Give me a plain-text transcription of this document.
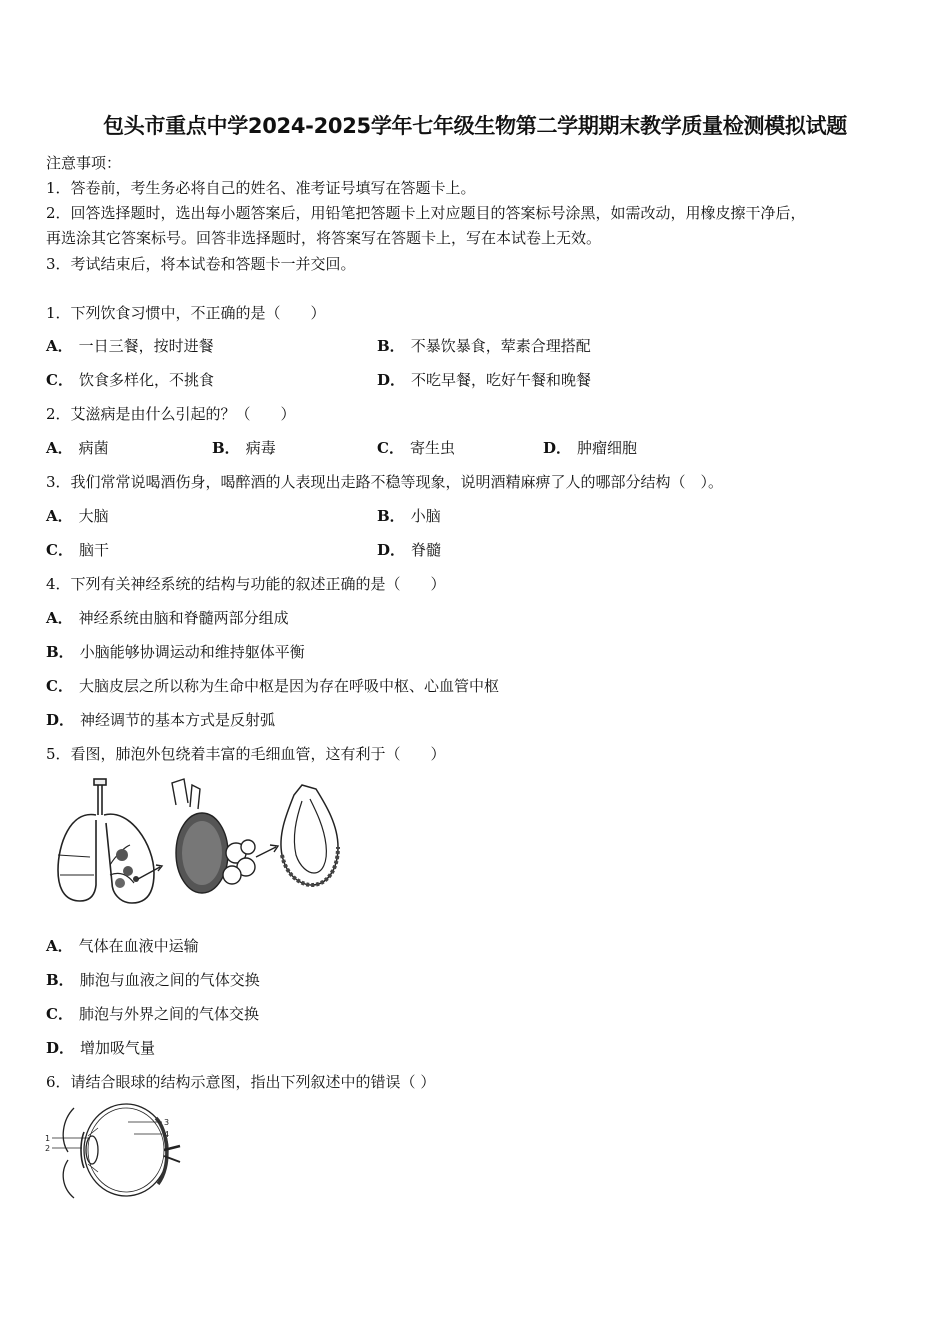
包头市重点中学2024-2025学年七年级生物第二学期期末教学质量检测模拟试题
注意事项：
1．答卷前，考生务必将自己的姓名、准考证号填写在答题卡上。
2．回答选择题时，选出每小题答案后，用铅笔把答题卡上对应题目的答案标号涂黑，如需改动，用橡皮擦干净后，
再选涂其它答案标号。回答非选择题时，将答案写在答题卡上，写在本试卷上无效。
3．考试结束后，将本试卷和答题卡一并交回。
1．下列饮食习惯中，不正确的是（　　）
A． 一日三餐，按时进餐	B． 不暴饮暴食，荤素合理搭配
C． 饮食多样化，不挑食	D． 不吃早餐，吃好午餐和晚餐
2．艾滋病是由什么引起的？（　　）
A． 病菌	B． 病毒	C． 寄生虫	D． 肿瘤细胞
3．我们常常说喝酒伤身，喝醉酒的人表现出走路不稳等现象，说明酒精麻痹了人的哪部分结构（　）。
A． 大脑	B． 小脑
C． 脑干	D． 脊髓
4．下列有关神经系统的结构与功能的叙述正确的是（　　）
A． 神经系统由脑和脊髓两部分组成
B． 小脑能够协调运动和维持躯体平衡
C． 大脑皮层之所以称为生命中枢是因为存在呼吸中枢、心血管中枢
D． 神经调节的基本方式是反射弧
5．看图，肺泡外包绕着丰富的毛细血管，这有利于（　　）
A． 气体在血液中运输
B． 肺泡与血液之间的气体交换
C． 肺泡与外界之间的气体交换
D． 增加吸气量
6．请结合眼球的结构示意图，指出下列叙述中的错误（ ）
1
2
3
4
